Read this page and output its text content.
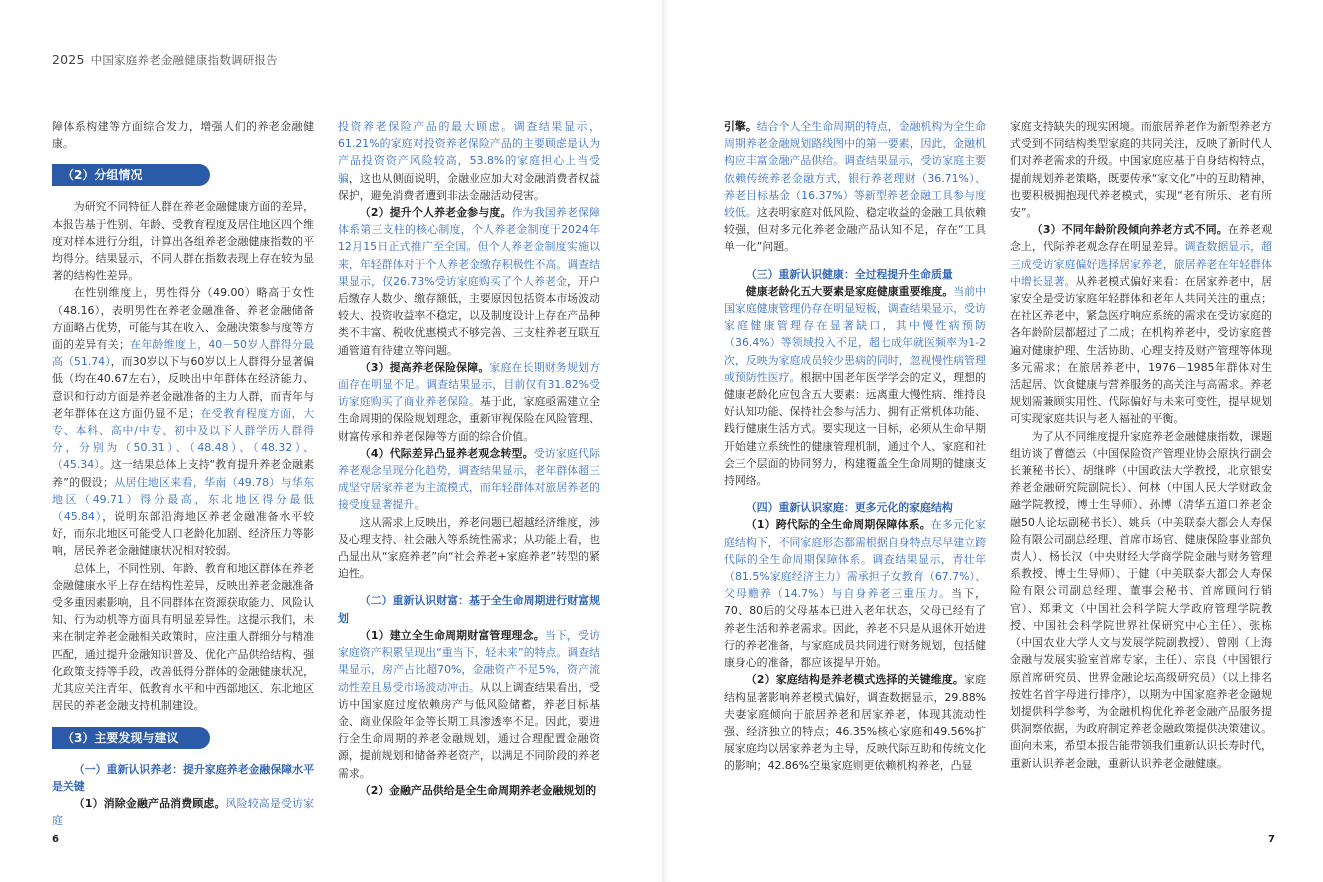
2025 中国家庭养老金融健康指数调研报告

障体系构建等方面综合发力，增强人们的养老金融健康。

（2）分组情况

为研究不同特征人群在养老金融健康方面的差异，本报告基于性别、年龄、受教育程度及居住地区四个维度对样本进行分组，计算出各组养老金融健康指数的平均得分。结果显示，不同人群在指数表现上存在较为显著的结构性差异。

在性别维度上，男性得分（49.00）略高于女性（48.16），表明男性在养老金融准备、养老金融储备方面略占优势，可能与其在收入、金融决策参与度等方面的差异有关；在年龄维度上，40－50岁人群得分最高（51.74），而30岁以下与60岁以上人群得分显著偏低（均在40.67左右），反映出中年群体在经济能力、意识和行动方面是养老金融准备的主力人群，而青年与老年群体在这方面仍显不足；在受教育程度方面，大专、本科、高中/中专、初中及以下人群学历人群得分，分别为（50.31）、（48.48）、（48.32）、（45.34）。这一结果总体上支持“教育提升养老金融素养”的假设；从居住地区来看，华南（49.78）与华东地区（49.71）得分最高，东北地区得分最低（45.84），说明东部沿海地区养老金融准备水平较好，而东北地区可能受人口老龄化加剧、经济压力等影响，居民养老金融健康状况相对较弱。

总体上，不同性别、年龄、教育和地区群体在养老金融健康水平上存在结构性差异，反映出养老金融准备受多重因素影响，且不同群体在资源获取能力、风险认知、行为动机等方面具有明显差异性。这提示我们，未来在制定养老金融相关政策时，应注重人群细分与精准匹配，通过提升金融知识普及、优化产品供给结构、强化政策支持等手段，改善低得分群体的金融健康状况，尤其应关注青年、低教育水平和中西部地区、东北地区居民的养老金融支持机制建设。

（3）主要发现与建议

（一）重新认识养老：提升家庭养老金融保障水平是关键

（1）消除金融产品消费顾虑。风险较高是受访家庭

投资养老保险产品的最大顾虑。调查结果显示，61.21%的家庭对投资养老保险产品的主要顾虑是认为产品投资资产风险较高，53.8%的家庭担心上当受骗，这也从侧面说明，金融业应加大对金融消费者权益保护，避免消费者遭到非法金融活动侵害。

（2）提升个人养老金参与度。作为我国养老保障体系第三支柱的核心制度，个人养老金制度于2024年12月15日正式推广至全国。但个人养老金制度实施以来，年轻群体对于个人养老金缴存积极性不高。调查结果显示，仅26.73%受访家庭购买了个人养老金，开户后缴存人数少、缴存额低，主要原因包括资本市场波动较大、投资收益率不稳定，以及制度设计上存在产品种类不丰富、税收优惠模式不够完善、三支柱养老互联互通管道有待建立等问题。

（3）提高养老保险保障。家庭在长期财务规划方面存在明显不足。调查结果显示，目前仅有31.82%受访家庭购买了商业养老保险。基于此，家庭亟需建立全生命周期的保险规划理念，重新审视保险在风险管理、财富传承和养老保障等方面的综合价值。

（4）代际差异凸显养老观念转型。受访家庭代际养老观念呈现分化趋势，调查结果显示，老年群体超三成坚守居家养老为主流模式，而年轻群体对旅居养老的接受度显著提升。

这从需求上反映出，养老问题已超越经济维度，涉及心理支持、社会融入等系统性需求；从功能上看，也凸显出从“家庭养老”向“社会养老+家庭养老”转型的紧迫性。

（二）重新认识财富：基于全生命周期进行财富规划

（1）建立全生命周期财富管理理念。当下，受访家庭资产积累呈现出“重当下，轻未来”的特点。调查结果显示，房产占比超70%，金融资产不足5%，资产流动性差且易受市场波动冲击。从以上调查结果看出，受访中国家庭过度依赖房产与低风险储蓄，养老目标基金、商业保险年金等长期工具渗透率不足。因此，要进行全生命周期的养老金融规划，通过合理配置金融资源，提前规划和储备养老资产，以满足不同阶段的养老需求。

（2）金融产品供给是全生命周期养老金融规划的

6

引擎。结合个人全生命周期的特点，金融机构为全生命周期养老金融规划路线图中的第一要素，因此，金融机构应丰富金融产品供给。调查结果显示，受访家庭主要依赖传统养老金融方式，银行养老理财（36.71%）、养老目标基金（16.37%）等新型养老金融工具参与度较低。这表明家庭对低风险、稳定收益的金融工具依赖较强，但对多元化养老金融产品认知不足，存在“工具单一化”问题。

（三）重新认识健康：全过程提升生命质量

健康老龄化五大要素是家庭健康重要维度。当前中国家庭健康管理仍存在明显短板，调查结果显示，受访家庭健康管理存在显著缺口，其中慢性病预防（36.4%）等领域投入不足，超七成年就医频率为1-2次，反映为家庭成员较少患病的同时，忽视慢性病管理或预防性医疗。根据中国老年医学学会的定义，理想的健康老龄化应包含五大要素：远离重大慢性病、维持良好认知功能、保持社会参与活力、拥有正常机体功能、践行健康生活方式。要实现这一目标，必须从生命早期开始建立系统性的健康管理机制，通过个人、家庭和社会三个层面的协同努力，构建覆盖全生命周期的健康支持网络。

（四）重新认识家庭：更多元化的家庭结构

（1）跨代际的全生命周期保障体系。在多元化家庭结构下，不同家庭形态都需根据自身特点尽早建立跨代际的全生命周期保障体系。调查结果显示，青壮年（81.5%家庭经济主力）需承担子女教育（67.7%）、父母赡养（14.7%）与自身养老三重压力。当下，70、80后的父母基本已进入老年状态，父母已经有了养老生活和养老需求。因此，养老不只是从退休开始进行的养老准备，与家庭成员共同进行财务规划，包括健康身心的准备，都应该提早开始。

（2）家庭结构是养老模式选择的关键维度。家庭结构显著影响养老模式偏好，调查数据显示，29.88%夫妻家庭倾向于旅居养老和居家养老，体现其流动性强、经济独立的特点；46.35%核心家庭和49.56%扩展家庭均以居家养老为主导，反映代际互助和传统文化的影响；42.86%空巢家庭则更依赖机构养老，凸显

家庭支持缺失的现实困境。而旅居养老作为新型养老方式受到不同结构类型家庭的共同关注，反映了新时代人们对养老需求的升级。中国家庭应基于自身结构特点，提前规划养老策略，既要传承“家文化”中的互助精神，也要积极拥抱现代养老模式，实现“老有所乐、老有所安”。

（3）不同年龄阶段倾向养老方式不同。在养老观念上，代际养老观念存在明显差异。调查数据显示，超三成受访家庭偏好选择居家养老，旅居养老在年轻群体中增长显著。从养老模式偏好来看：在居家养老中，居家安全是受访家庭年轻群体和老年人共同关注的重点；在社区养老中，紧急医疗响应系统的需求在受访家庭的各年龄阶层都超过了二成；在机构养老中，受访家庭普遍对健康护理、生活协助、心理支持及财产管理等体现多元需求；在旅居养老中，1976－1985年群体对生活起居、饮食健康与营养服务的高关注与高需求。养老规划需兼顾实用性、代际偏好与未来可变性，提早规划可实现家庭共识与老人福祉的平衡。

为了从不同维度提升家庭养老金融健康指数，课题组访谈了曹德云（中国保险资产管理业协会原执行副会长兼秘书长）、胡继晔（中国政法大学教授，北京银安养老金融研究院副院长）、何林（中国人民大学财政金融学院教授，博士生导师）、孙博（清华五道口养老金融50人论坛副秘书长）、姚兵（中美联泰大都会人寿保险有限公司副总经理、首席市场官、健康保险事业部负责人）、杨长汉（中央财经大学商学院金融与财务管理系教授、博士生导师）、于健（中美联泰大都会人寿保险有限公司副总经理、董事会秘书、首席顾问行销官）、郑秉文（中国社会科学院大学政府管理学院教授、中国社会科学院世界社保研究中心主任）、张栋（中国农业大学人文与发展学院副教授）、曾刚（上海金融与发展实验室首席专家，主任）、宗良（中国银行原首席研究员、世界金融论坛高级研究员）（以上排名按姓名首字母进行排序），以期为中国家庭养老金融规划提供科学参考，为金融机构优化养老金融产品服务提供洞察依据，为政府制定养老金融政策提供决策建议。面向未来，希望本报告能带领我们重新认识长寿时代，重新认识养老金融，重新认识养老金融健康。

7
